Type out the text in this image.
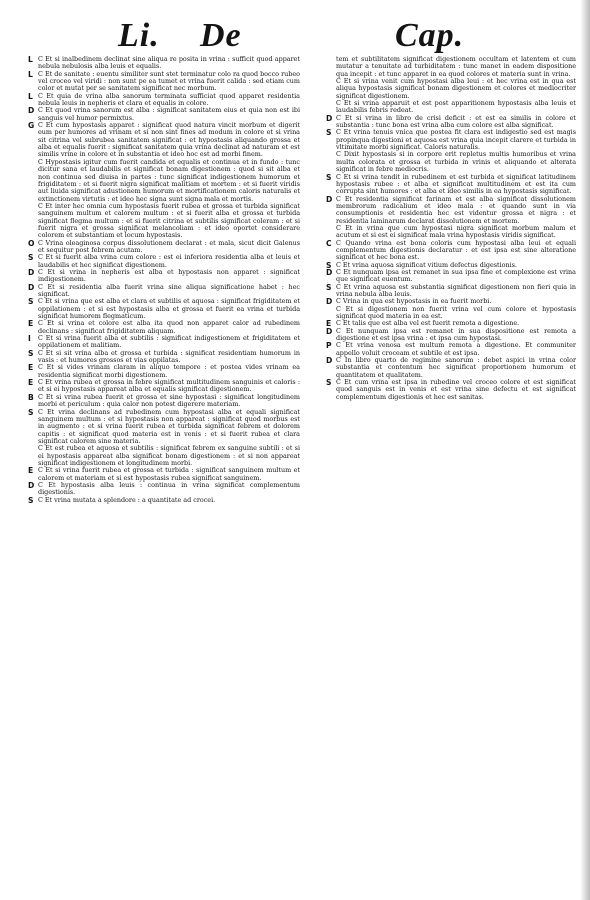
Li. De	Cap.
L C Et si inalbedinem declinat sine aliqua re posita in vrina : sufficit quod apparet nebula nebulosis alba leuis et equalis.
L C Et de sanitate : euentu similiter sunt stet terminatur colo ra quod bocco rubeo vel croceo vel viridi : non sunt pe ea tumet et vrina fuerit calida : sed etiam cum color et mutat per se sanitatem significat nec morbum.
L C Et quia de vrina alba sanorum terminata sufficiat quod apparet residentia nebula leuis in nepheris et clara et equalis in colore.
D C Et quod vrina sanorum est alba : significat sanitatem eius et quia non est ibi sanguis vel humor permixtus.
G C Et cum hypostasis apparet : significat quod natura vincit morbum et digerit eum per humores ad vrinam et si non sint fines ad modum in colore et si vrina sit citrina vel subrubea sanitatem significat : et hypostasis aliquando grossa et alba et equalis fuerit : significat sanitatem quia vrina declinat ad naturam et est similis vrine in colore et in substantia et ideo hoc est ad morbi finem.
C Hypostasis igitur cum fuerit candida et equalis et continua et in fundo : tunc dicitur sana et laudabilis et significat bonam digestionem : quod si sit alba et non continua sed diuisa in partes : tunc significat indigestionem humorum et frigiditatem : et si fuerit nigra significat malitiam et mortem : et si fuerit viridis aut liuida significat adustionem humorum et mortificationem caloris naturalis et extinctionem virtutis : et ideo hec signa sunt signa mala et mortis.
C Et inter hec omnia cum hypostasis fuerit rubea et grossa et turbida significat sanguinem multum et calorem multum : et si fuerit alba et grossa et turbida significat flegma multum : et si fuerit citrina et subtilis significat coleram : et si fuerit nigra et grossa significat melancoliam : et ideo oportet considerare colorem et substantiam et locum hypostasis.
O C Vrina oleaginosa corpus dissolutionem declarat : et mala, sicut dicit Galenus et sequitur post febrem acutam.
S C Et si fuerit alba vrina cum colore : est ei inferiora residentia alba et leuis et laudabilis et hec significat digestionem.
D C Et si vrina in nepheris est alba et hypostasis non apparet : significat indigestionem.
D C Et si residentia alba fuerit vrina sine aliqua significatione habet : hec significat.
S C Et si vrina que est alba et clara et subtilis et aquosa : significat frigiditatem et oppilationem : et si est hypostasis alba et grossa et fuerit ea vrina et turbida significat humorem flegmaticum.
E C Et si vrina et colore est alba ita quod non apparet calor ad rubedinem declinans : significat frigiditatem aliquam.
I	C Et si vrina fuerit alba et subtilis : significat indigestionem et frigiditatem et oppilationem et malitiam.
S C Et si sit vrina alba et grossa et turbida : significat residentiam humorum in vasis : et humores grossos et vias oppilatas.
E C Et si vides vrinam claram in aliquo tempore : et postea vides vrinam ea residentia significat morbi digestionem.
E C Et vrina rubea et grossa in febre significat multitudinem sanguinis et caloris : et si ei hypostasis appareat alba et equalis significat digestionem.
B C Et si vrina rubea fuerit et grossa et sine hypostasi : significat longitudinem morbi et periculum : quia calor non potest digerere materiam.
S C Et vrina declinans ad rubedinem cum hypostasi alba et equali significat sanguinem multum : et si hypostasis non appareat : significat quod morbus est in augmento : et si vrina fuerit rubea et turbida significat febrem et dolorem capitis : et significat quod materia est in venis : et si fuerit rubea et clara significat calorem sine materia.
C Et est rubea et aquosa et subtilis : significat febrem ex sanguine subtili : et si ei hypostasis appareat alba significat bonam digestionem : et si non appareat significat indigestionem et longitudinem morbi.
E C Et si vrina fuerit rubea et grossa et turbida : significat sanguinem multum et calorem et materiam et si est hypostasis rubea significat sanguinem.
D C Et hypostasis alba leuis : continua in vrina significat complementum digestionis.
S C Et vrina mutata a splendore : a quantitate ad crocei.
tem et subtilitatem significat digestionem occultam et latentem et cum mutatur a tenuitate ad turbiditatem : tunc manet in eadem dispositione qua incepit : et tunc apparet in ea quod colores et materia sunt in vrina.
C Et si vrina venit cum hypostasi alba leui : et hec vrina est in qua est aliqua hypostasis significat bonam digestionem et colores et mediocriter significat digestionem.
C Et si vrina apparuit et est post apparitionem hypostasis alba leuis et laudabilis febris redeat.
D C Et si vrina in libro de crisi deficit : et est ea similis in colore et substantia : tunc bona est vrina alba cum colore est alba significat.
S C Et vrina tenuis vnica que postea fit clara est indigestio sed est magis propinqua digestioni et aquosa est vrina quia incepit clarere et turbida in vltimitate morbi significat. Caloris naturalis.
C Dixit hypostasis si in corpore erit repletus multis humoribus et vrina multa colorata et grossa et turbida in vrinis et aliquando et alterata significat in febre mediocris.
S C Et si vrina tendit in rubedinem et est turbida et significat latitudinem hypostasis rubee : et alba et significat multitudinem et est ita cum corrupta sint humores : et alba et ideo similis in ea hypostasis significat.
D C Et residentia significat farinam et est alba significat dissolutionem membrorum radicalium et ideo mala : et quando sunt in via consumptionis et residentia hec est videntur grossa et nigra : et residentia laminarum declarat dissolutionem et mortem.
C Et in vrina que cum hypostasi nigra significat morbum malum et acutum et si est ei significat mala vrina hypostasis viridis significat.
C C Quando vrina est bona coloris cum hypostasi alba leui et equali complementum digestionis declaratur : et est ipsa est sine alteratione significat et hec bona est.
S C Et vrina aquosa significat vitium defectus digestionis.
D C Et nunquam ipsa est remanet in sua ipsa fine et complexione est vrina que significat euentum.
S C Et vrina aquosa est substantia significat digestionem non fieri quia in vrina nebula alba leuis.
D C Vrina in qua est hypostasis in ea fuerit morbi.
C Et si digestionem non fuerit vrina vel cum colore et hypostasis significat quod materia in ea est.
E C Et talis que est alba vel est fuerit remota a digestione.
D C Et nunquam ipsa est remanet in sua dispositione est remota a digestione et est ipsa vrina : et ipsa cum hypostasi.
P C Et vrina venosa est multum remota a digestione. Et communiter appello voluit croceam et subtile et est ipsa.
D C In libro quarto de regimine sanorum : debet aspici in vrina color substantia et contentum hec significat proportionem humorum et quantitatem et qualitatem.
S C Et cum vrina est ipsa in rubedine vel croceo colore et est significat quod sanguis est in venis et est vrina sine defectu et est significat complementum digestionis et hec est sanitas.
